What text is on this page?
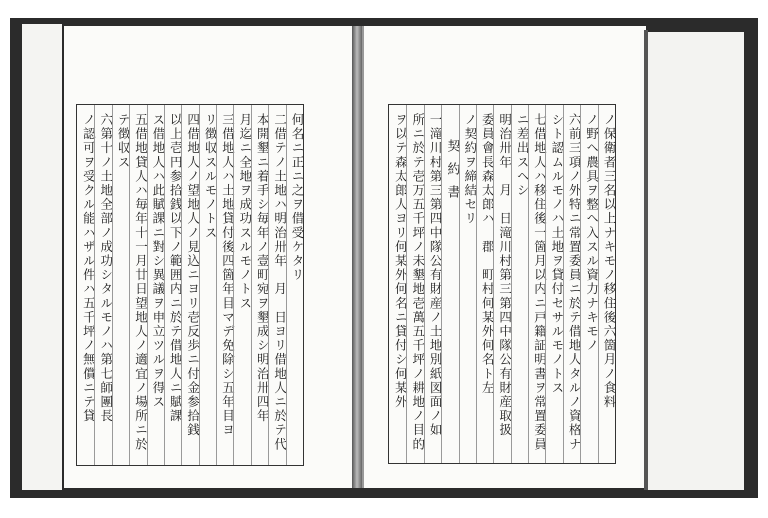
何名ニ正ニ之ヲ借受ケタリ
二借テノ土地ハ明治卅年　月　日ヨリ借地人ニ於テ代
本開墾ニ着手シ毎年ノ壹町宛ヲ墾成シ明治卅四年
月迄ニ全地ヲ成功スルモノトス
三借地人ハ土地貸付後四箇年目マデ免除シ五年目ヨ
リ徴収スルモノトス
四借地人ノ望地人ノ見込ニヨリ壱反歩ニ付金参拾銭
以上壱円参拾銭以下ノ範囲内ニ於テ借地人ニ賦課
ス借地人ハ此賦課ニ對シ異議ヲ申立ツルヲ得ス
五借地貸人ハ毎年十一月廿日望地人ノ適宜ノ場所ニ於
テ徴収ス
六第十ノ土地全部ノ成功シタルモノハ第七師團長
ノ認可ヲ受クル能ハザル件ハ五千坪ノ無償ニテ貸	ノ保衛者三名以上ナキモノ移住後六箇月ノ食料
ノ野ヘ農具ヲ整ヘ入スル資力ナキモノ
六前三項ノ外特ニ常置委員ニ於テ借地人タルノ資格ナ
シト認ムルモノハ土地ヲ貸付セサルモノトス
七借地人ハ移住後一箇月以内ニ戸籍証明書ヲ常置委員
ニ差出スヘシ
明治卅年　月　日滝川村第三第四中隊公有財産取扱
委員會長森太郎ハ　郡　町村何某外何名ト左
ノ契約ヲ締結セリ
契約書
一滝川村第三第四中隊公有財産ノ土地別紙図面ノ如
所ニ於テ壱万五千坪ノ未墾地壱萬五千坪ノ耕地ノ目的
ヲ以テ森太郎人ヨリ何某外何名ニ貸付シ何某外
